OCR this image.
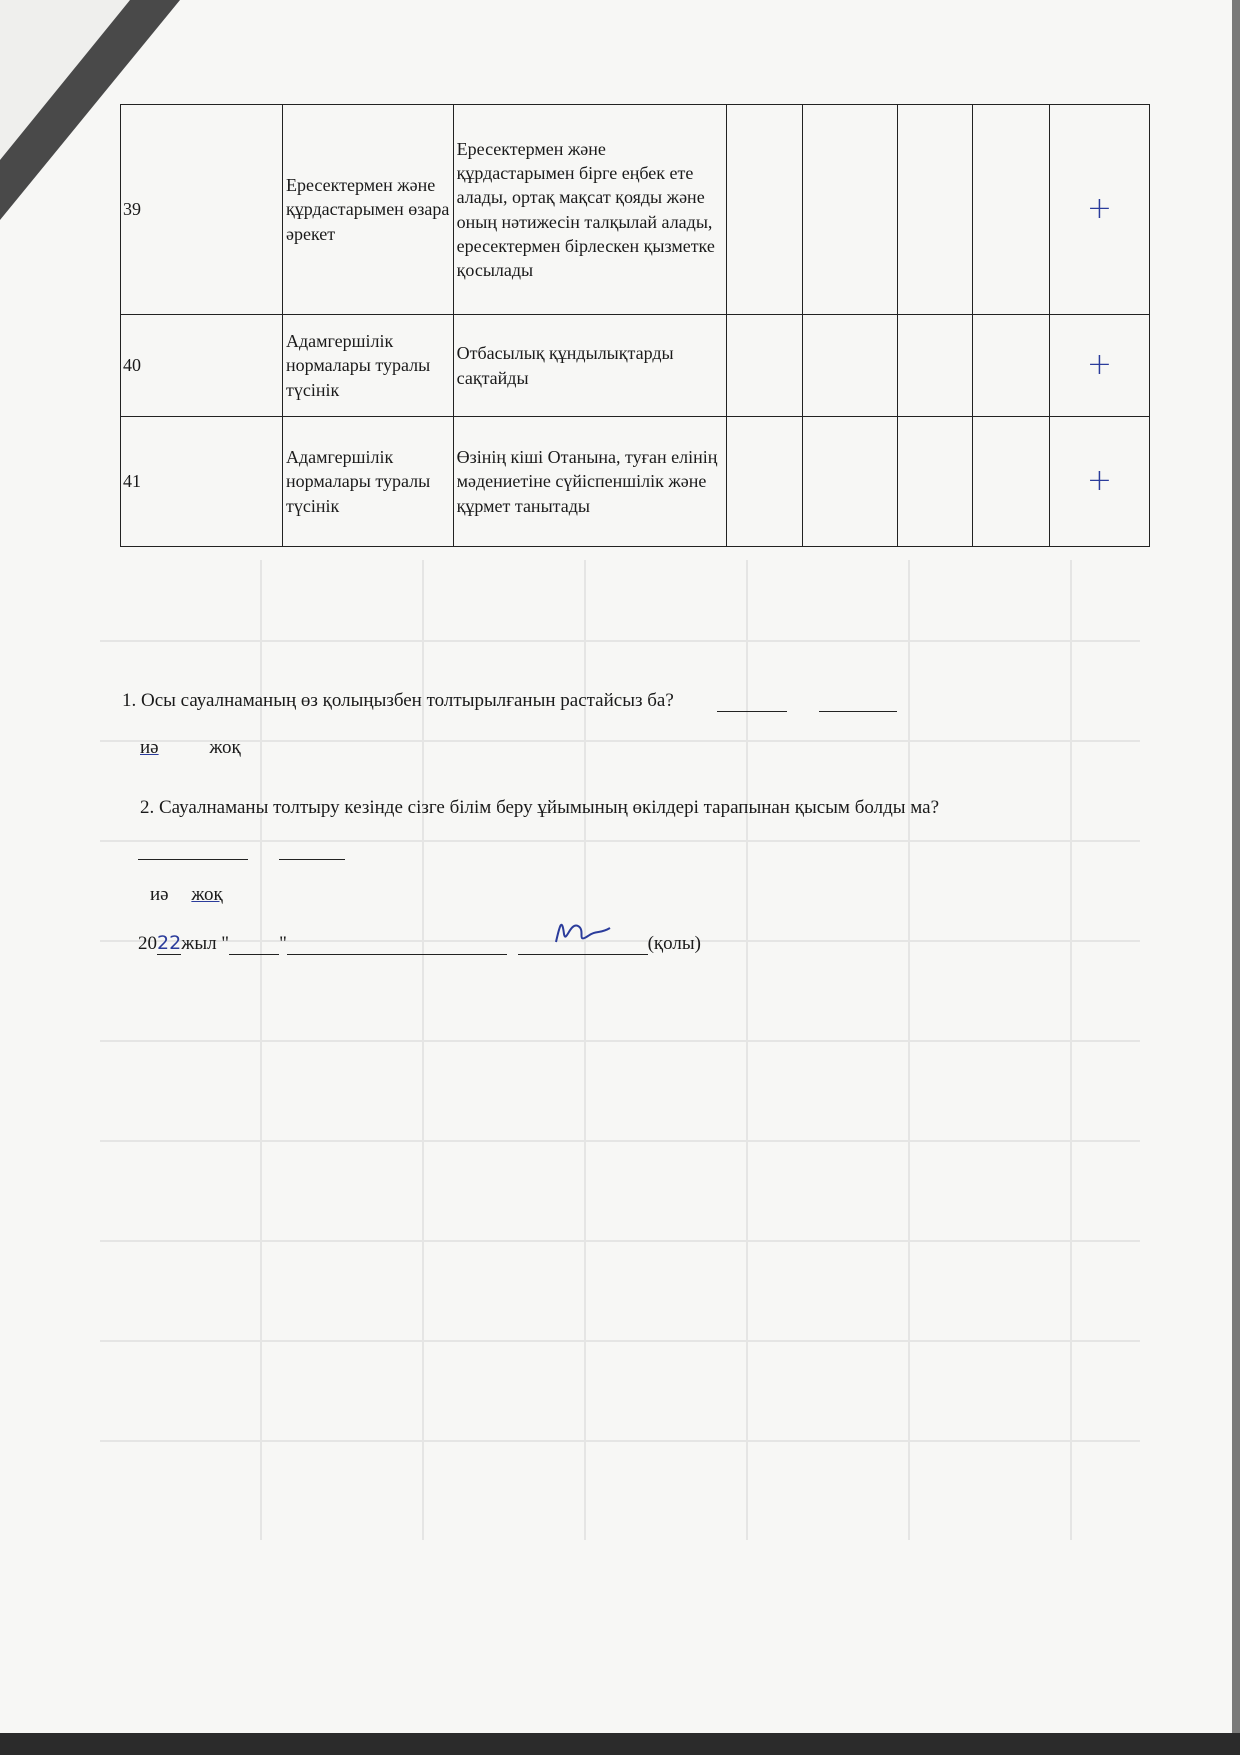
39	Ересектермен және құрдастарымен өзара әрекет	Ересектермен және құрдастарымен бірге еңбек ете алады, ортақ мақсат қояды және оның нәтижесін талқылай алады, ересектермен бірлескен қызметке қосылады					+
40	Адамгершілік нормалары туралы түсінік	Отбасылық құндылықтарды сақтайды					+
41	Адамгершілік нормалары туралы түсінік	Өзінің кіші Отанына, туған елінің мәдениетіне сүйіспеншілік және құрмет танытады					+
1. Осы сауалнаманың өз қолыңызбен толтырылғанын растайсыз ба?
иә	жоқ
2. Сауалнаманы толтыру кезінде сізге білім беру ұйымының өкілдері тарапынан қысым болды ма?

иә жоқ
2022жыл "	"	(қолы)
